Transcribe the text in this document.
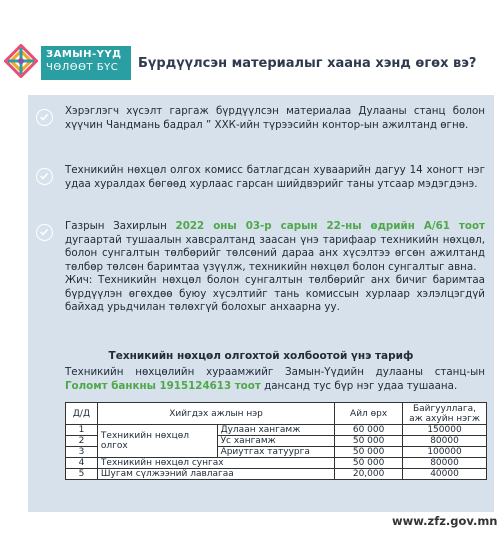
ЗАМЫН-ҮҮД
ЧӨЛӨӨТ БҮС	Бүрдүүлсэн материалыг хаана хэнд өгөх вэ?
Хэрэглэгч хүсэлт гаргаж бүрдүүлсэн материалаа Дулааны станц болон хүүчин Чандмань бадрал ” ХХК-ийн түрээсийн контор-ын ажилтанд өгнө.
Техникийн нөхцөл олгох комисс батлагдсан хуваарийн дагуу 14 хоногт нэг удаа хуралдах бөгөөд хурлаас гарсан шийдвэрийг таны утсаар мэдэгдэнэ.
Газрын Захирлын 2022 оны 03-р сарын 22-ны өдрийн А/61 тоот дугаартай тушаалын хавсралтанд заасан үнэ тарифаар техникийн нөхцөл, болон сунгалтын төлбөрийг төлсөний дараа анх хүсэлтээ өгсөн ажилтанд төлбөр төлсөн баримтаа үзүүлж, техникийн нөхцөл болон сунгалтыг авна.
Жич: Техникийн нөхцөл болон сунгалтын төлбөрийг анх бичиг баримтаа бүрдүүлэн өгөхдөө буюу хүсэлтийг тань комиссын хурлаар хэлэлцэгдүй байхад урьдчилан төлөхгүй болохыг анхаарна уу.
Техникийн нөхцөл олгохтой холбоотой үнэ тариф
Техникийн нөхцөлийн хураамжийг Замын-Үүдийн дулааны станц-ын Голомт банкны 1915124613 тоот дансанд тус бүр нэг удаа тушаана.
Д/Д	Хийгдэх ажлын нэр		Айл өрх	Байгууллага, аж ахуйн нэгж
1	Техникийн нөхцөл олгох	Дулаан хангамж	60 000	150000
2		Ус хангамж	50 000	80000
3		Ариутгах татуурга	50 000	100000
4	Техникийн нөхцөл сунгах		50 000	80000
5	Шугам сүлжээний лавлагаа		20,000	40000
www.zfz.gov.mn
